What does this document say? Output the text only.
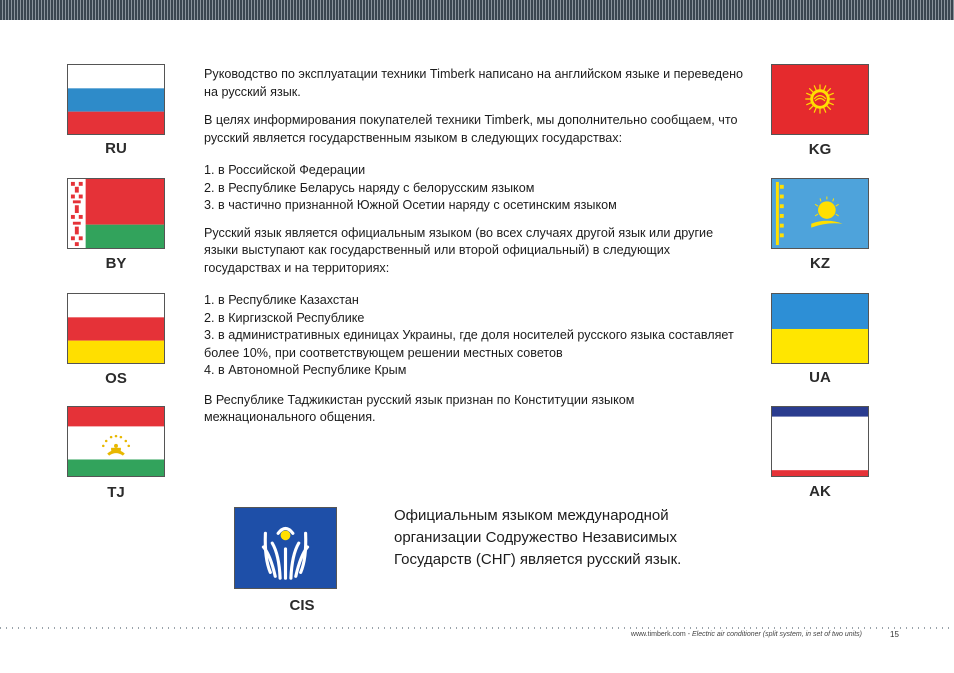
RU
BY
OS
TJ
KG
KZ
UA
AK

Руководство по эксплуатации техники Timberk написано на английском языке и переведено на русский язык.

В целях информирования покупателей техники Timberk, мы дополнительно сообщаем, что русский является государственным языком в следующих государствах:

1. в Российской Федерации
2. в Республике Беларусь наряду с белорусским языком
3. в частично признанной Южной Осетии наряду с осетинским языком

Русский язык является официальным языком (во всех случаях другой язык или другие языки выступают как государственный или второй официальный) в следующих государствах и на территориях:

1. в Республике Казахстан
2. в Киргизской Республике
3. в административных единицах Украины, где доля носителей русского языка составляет более 10%, при соответствующем решении местных советов
4. в Автономной Республике Крым

В Республике Таджикистан русский язык признан по Конституции языком межнационального общения.

CIS
Официальным языком международной организации Содружество Независимых Государств (СНГ) является русский язык.
www.timberk.com - Electric air conditioner (split system, in set of two units)	15
